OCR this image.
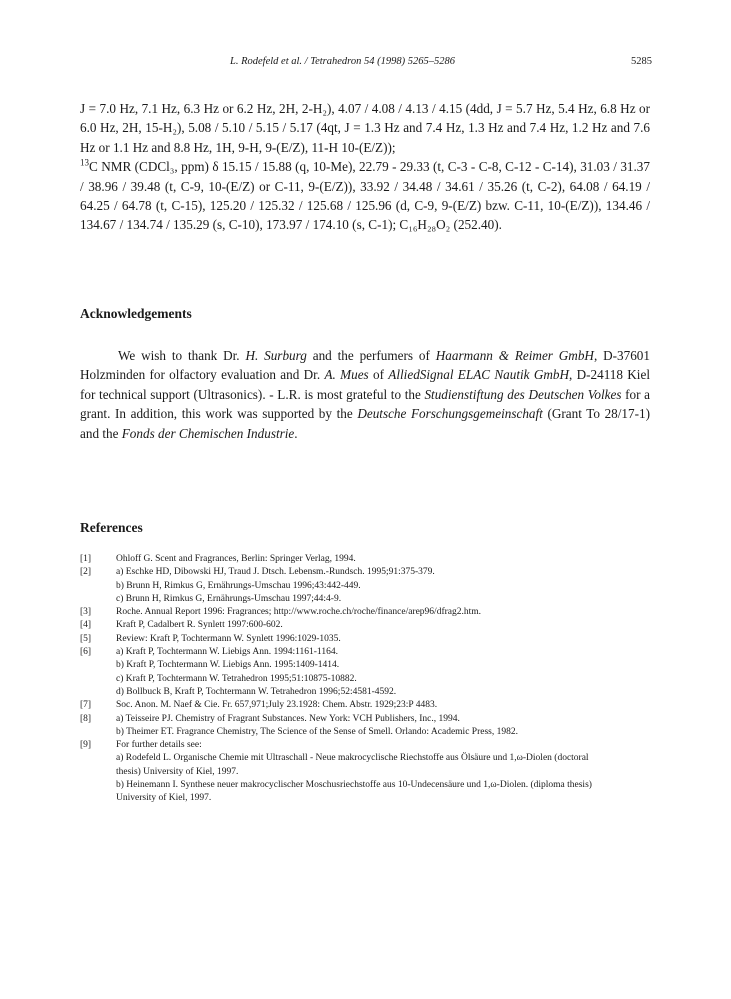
L. Rodefeld et al. / Tetrahedron 54 (1998) 5265–5286	5285

J = 7.0 Hz, 7.1 Hz, 6.3 Hz or 6.2 Hz, 2H, 2-H₂), 4.07 / 4.08 / 4.13 / 4.15 (4dd, J = 5.7 Hz, 5.4 Hz, 6.8 Hz or 6.0 Hz, 2H, 15-H₂), 5.08 / 5.10 / 5.15 / 5.17 (4qt, J = 1.3 Hz and 7.4 Hz, 1.3 Hz and 7.4 Hz, 1.2 Hz and 7.6 Hz or 1.1 Hz and 8.8 Hz, 1H, 9-H, 9-(E/Z), 11-H 10-(E/Z));
$^{13}$C NMR (CDCl₃, ppm) δ 15.15 / 15.88 (q, 10-Me), 22.79 - 29.33 (t, C-3 - C-8, C-12 - C-14), 31.03 / 31.37 / 38.96 / 39.48 (t, C-9, 10-(E/Z) or C-11, 9-(E/Z)), 33.92 / 34.48 / 34.61 / 35.26 (t, C-2), 64.08 / 64.19 / 64.25 / 64.78 (t, C-15), 125.20 / 125.32 / 125.68 / 125.96 (d, C-9, 9-(E/Z) bzw. C-11, 10-(E/Z)), 134.46 / 134.67 / 134.74 / 135.29 (s, C-10), 173.97 / 174.10 (s, C-1); C₁₆H₂₈O₂ (252.40).

Acknowledgements

We wish to thank Dr. H. Surburg and the perfumers of Haarmann & Reimer GmbH, D-37601 Holzminden for olfactory evaluation and Dr. A. Mues of AlliedSignal ELAC Nautik GmbH, D-24118 Kiel for technical support (Ultrasonics). - L.R. is most grateful to the Studienstiftung des Deutschen Volkes for a grant. In addition, this work was supported by the Deutsche Forschungsgemeinschaft (Grant To 28/17-1) and the Fonds der Chemischen Industrie.

References
[1]	Ohloff G. Scent and Fragrances, Berlin: Springer Verlag, 1994.
[2]	a) Eschke HD, Dibowski HJ, Traud J. Dtsch. Lebensm.-Rundsch. 1995;91:375-379.
b) Brunn H, Rimkus G, Ernährungs-Umschau 1996;43:442-449.
c) Brunn H, Rimkus G, Ernährungs-Umschau 1997;44:4-9.
[3]	Roche. Annual Report 1996: Fragrances; http://www.roche.ch/roche/finance/arep96/dfrag2.htm.
[4]	Kraft P, Cadalbert R. Synlett 1997:600-602.
[5]	Review: Kraft P, Tochtermann W. Synlett 1996:1029-1035.
[6]	a) Kraft P, Tochtermann W. Liebigs Ann. 1994:1161-1164.
b) Kraft P, Tochtermann W. Liebigs Ann. 1995:1409-1414.
c) Kraft P, Tochtermann W. Tetrahedron 1995;51:10875-10882.
d) Bollbuck B, Kraft P, Tochtermann W. Tetrahedron 1996;52:4581-4592.
[7]	Soc. Anon. M. Naef & Cie. Fr. 657,971;July 23.1928: Chem. Abstr. 1929;23:P 4483.
[8]	a) Teisseire PJ. Chemistry of Fragrant Substances. New York: VCH Publishers, Inc., 1994.
b) Theimer ET. Fragrance Chemistry, The Science of the Sense of Smell. Orlando: Academic Press, 1982.
[9]	For further details see:
a) Rodefeld L. Organische Chemie mit Ultraschall - Neue makrocyclische Riechstoffe aus Ölsäure und 1,ω-Diolen (doctoral
thesis) University of Kiel, 1997.
b) Heinemann I. Synthese neuer makrocyclischer Moschusriechstoffe aus 10-Undecensäure und 1,ω-Diolen. (diploma thesis)
University of Kiel, 1997.
